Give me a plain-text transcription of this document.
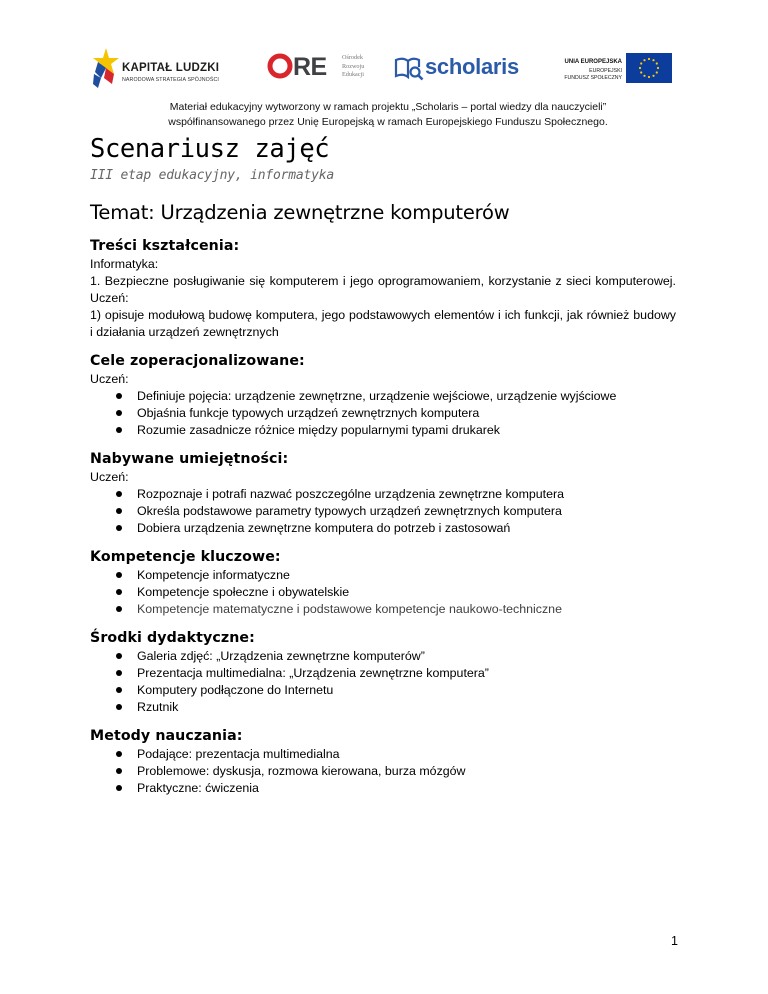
KAPITAŁ LUDZKI
NARODOWA STRATEGIA SPÓJNOŚCI	RE Ośrodek
Rozwoju
Edukacji	scholaris	UNIA EUROPEJSKA
EUROPEJSKI
FUNDUSZ SPOŁECZNY
Materiał edukacyjny wytworzony w ramach projektu „Scholaris – portal wiedzy dla nauczycieli”
współfinansowanego przez Unię Europejską w ramach Europejskiego Funduszu Społecznego.
Scenariusz zajęć
III etap edukacyjny, informatyka
Temat: Urządzenia zewnętrzne komputerów
Treści kształcenia:

Informatyka:

1. Bezpieczne posługiwanie się komputerem i jego oprogramowaniem, korzystanie z sieci komputerowej. Uczeń:

1) opisuje modułową budowę komputera, jego podstawowych elementów i ich funkcji, jak również budowy i działania urządzeń zewnętrznych

Cele zoperacjonalizowane:

Uczeń:

Definiuje pojęcia: urządzenie zewnętrzne, urządzenie wejściowe, urządzenie wyjściowe
Objaśnia funkcje typowych urządzeń zewnętrznych komputera
Rozumie zasadnicze różnice między popularnymi typami drukarek
Nabywane umiejętności:

Uczeń:

Rozpoznaje i potrafi nazwać poszczególne urządzenia zewnętrzne komputera
Określa podstawowe parametry typowych urządzeń zewnętrznych komputera
Dobiera urządzenia zewnętrzne komputera do potrzeb i zastosowań
Kompetencje kluczowe:
Kompetencje informatyczne
Kompetencje społeczne i obywatelskie
Kompetencje matematyczne i podstawowe kompetencje naukowo-techniczne
Środki dydaktyczne:
Galeria zdjęć: „Urządzenia zewnętrzne komputerów”
Prezentacja multimedialna: „Urządzenia zewnętrzne komputera”
Komputery podłączone do Internetu
Rzutnik
Metody nauczania:
Podające: prezentacja multimedialna
Problemowe: dyskusja, rozmowa kierowana, burza mózgów
Praktyczne: ćwiczenia
1
